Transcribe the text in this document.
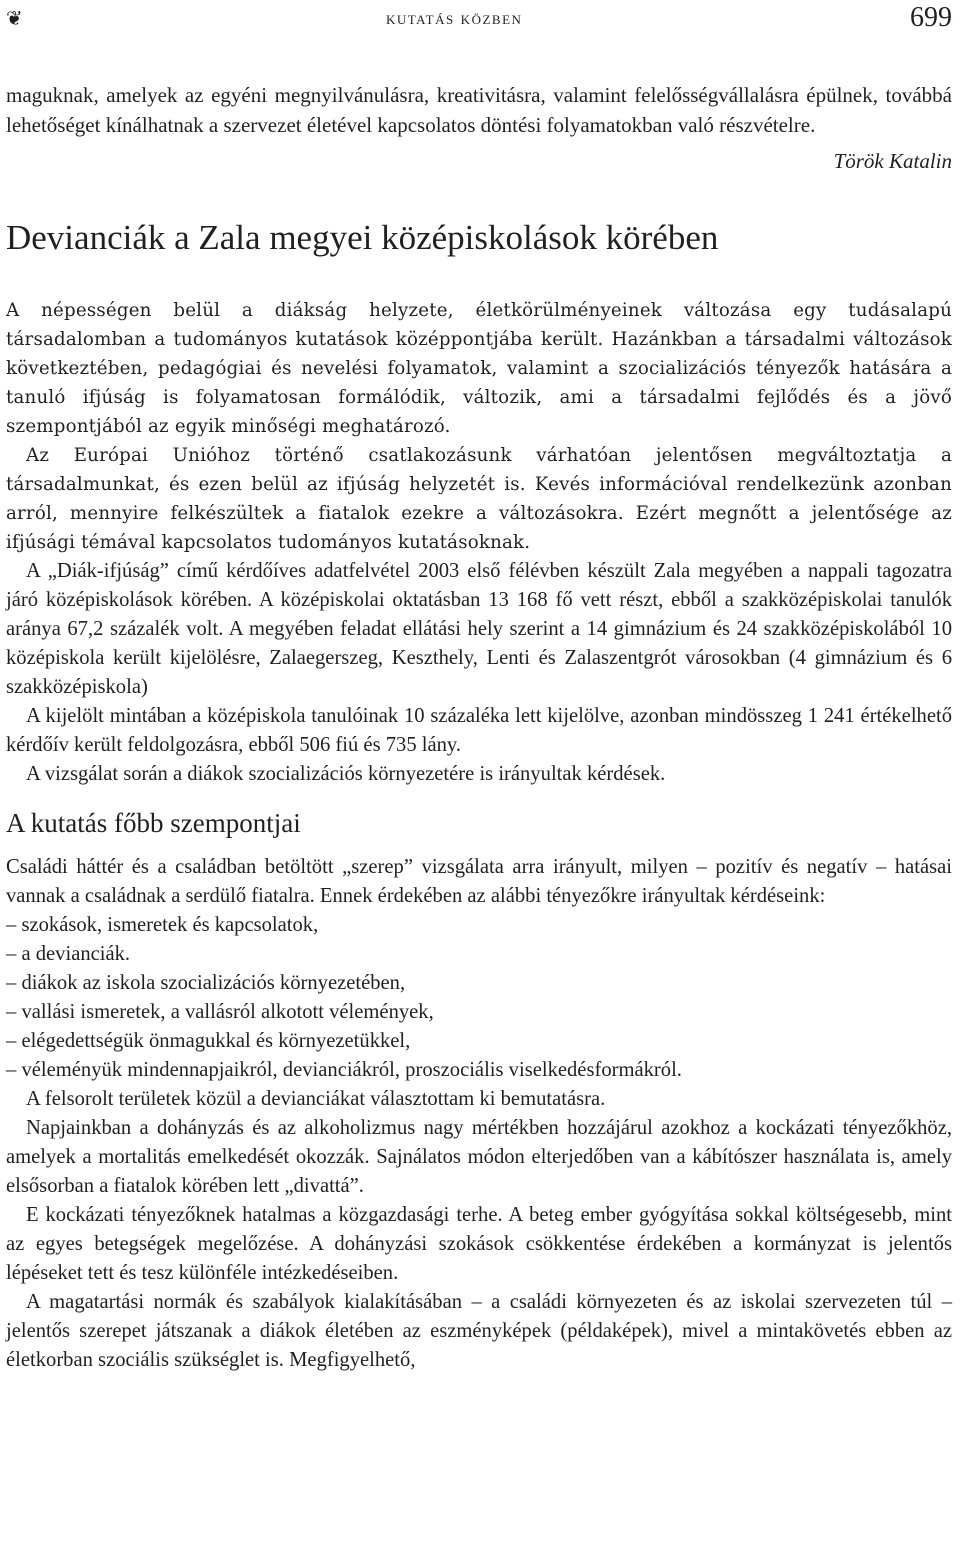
❦	kutatás közben	699

maguknak, amelyek az egyéni megnyilvánulásra, kreativitásra, valamint felelősségvállalásra épülnek, továbbá lehetőséget kínálhatnak a szervezet életével kapcsolatos döntési folyamatokban való részvételre.

Török Katalin

Devianciák a Zala megyei középiskolások körében

A népességen belül a diákság helyzete, életkörülményeinek változása egy tudásalapú társadalomban a tudományos kutatások középpontjába került. Hazánkban a társadalmi változások következtében, pedagógiai és nevelési folyamatok, valamint a szocializációs tényezők hatására a tanuló ifjúság is folyamatosan formálódik, változik, ami a társadalmi fejlődés és a jövő szempontjából az egyik minőségi meghatározó.

Az Európai Unióhoz történő csatlakozásunk várhatóan jelentősen megváltoztatja a társadalmunkat, és ezen belül az ifjúság helyzetét is. Kevés információval rendelkezünk azonban arról, mennyire felkészültek a fiatalok ezekre a változásokra. Ezért megnőtt a jelentősége az ifjúsági témával kapcsolatos tudományos kutatásoknak.

A „Diák-ifjúság” című kérdőíves adatfelvétel 2003 első félévben készült Zala megyében a nappali tagozatra járó középiskolások körében. A középiskolai oktatásban 13 168 fő vett részt, ebből a szakközépiskolai tanulók aránya 67,2 százalék volt. A megyében feladat ellátási hely szerint a 14 gimnázium és 24 szakközépiskolából 10 középiskola került kijelölésre, Zalaegerszeg, Keszthely, Lenti és Zalaszentgrót városokban (4 gimnázium és 6 szakközépiskola)

A kijelölt mintában a középiskola tanulóinak 10 százaléka lett kijelölve, azonban mindösszeg 1 241 értékelhető kérdőív került feldolgozásra, ebből 506 fiú és 735 lány.

A vizsgálat során a diákok szocializációs környezetére is irányultak kérdések.

A kutatás főbb szempontjai

Családi háttér és a családban betöltött „szerep” vizsgálata arra irányult, milyen – pozitív és negatív – hatásai vannak a családnak a serdülő fiatalra. Ennek érdekében az alábbi tényezőkre irányultak kérdéseink:

– szokások, ismeretek és kapcsolatok,
– a devianciák.
– diákok az iskola szocializációs környezetében,
– vallási ismeretek, a vallásról alkotott vélemények,
– elégedettségük önmagukkal és környezetükkel,
– véleményük mindennapjaikról, devianciákról, proszociális viselkedésformákról.

A felsorolt területek közül a devianciákat választottam ki bemutatásra.

Napjainkban a dohányzás és az alkoholizmus nagy mértékben hozzájárul azokhoz a kockázati tényezőkhöz, amelyek a mortalitás emelkedését okozzák. Sajnálatos módon elterjedőben van a kábítószer használata is, amely elsősorban a fiatalok körében lett „divattá”.

E kockázati tényezőknek hatalmas a közgazdasági terhe. A beteg ember gyógyítása sokkal költségesebb, mint az egyes betegségek megelőzése. A dohányzási szokások csökkentése érdekében a kormányzat is jelentős lépéseket tett és tesz különféle intézkedéseiben.

A magatartási normák és szabályok kialakításában – a családi környezeten és az iskolai szervezeten túl – jelentős szerepet játszanak a diákok életében az eszményképek (példaképek), mivel a mintakövetés ebben az életkorban szociális szükséglet is. Megfigyelhető,
